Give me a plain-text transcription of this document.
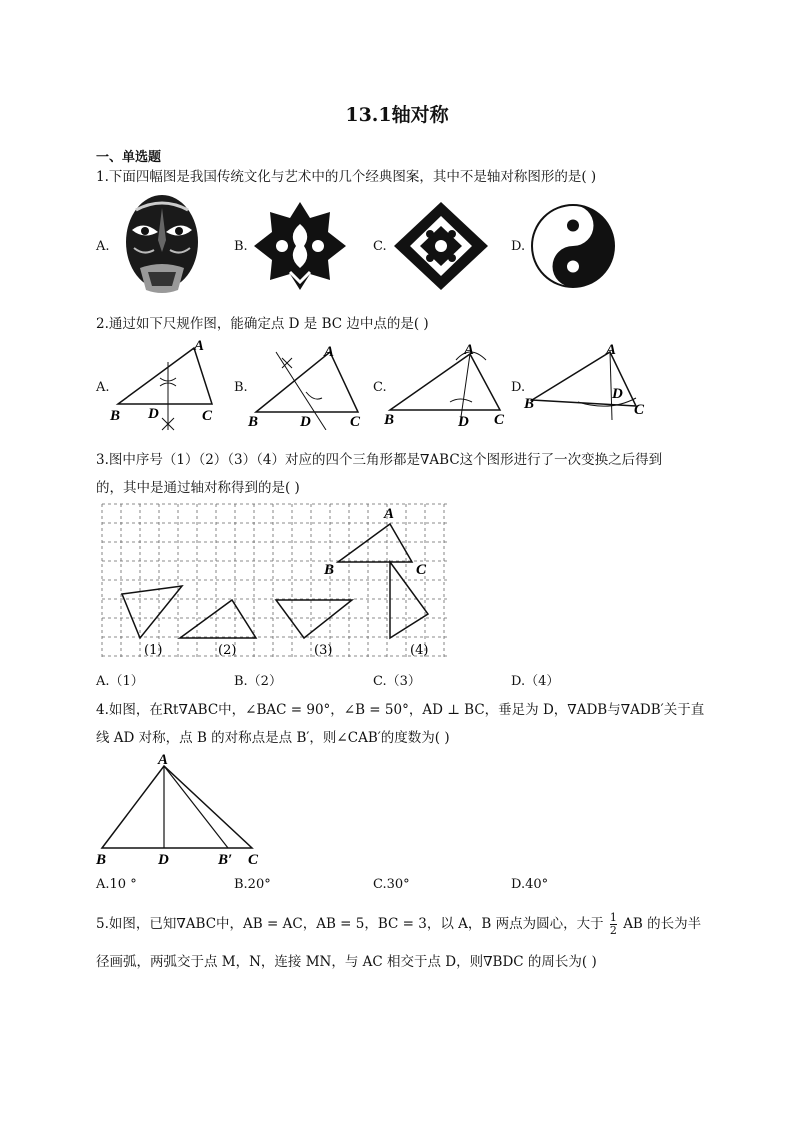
13.1轴对称
一、单选题
1.下面四幅图是我国传统文化与艺术中的几个经典图案，其中不是轴对称图形的是( )
A.	B.	C.	D.
2.通过如下尺规作图，能确定点 D 是 BC 边中点的是( )
A.	B.	C.	D.
A
B	C
D
A
B	C
D
A
B	C
D
A
B	C
D
3.图中序号（1）（2）（3）（4）对应的四个三角形都是∇ABC这个图形进行了一次变换之后得到
的，其中是通过轴对称得到的是( )
A
B	C
(1)	(2)	(3)	(4)
A.（1）	B.（2）	C.（3）	D.（4）
4.如图，在Rt∇ABC中，∠BAC = 90°，∠B = 50°，AD ⊥ BC，垂足为 D，∇ADB与∇ADB′关于直
线 AD 对称，点 B 的对称点是点 B′，则∠CAB′的度数为( )
A
B	D	B′ C
A.10 °	B.20°	C.30°	D.40°
5.如图，已知∇ABC中，AB = AC，AB = 5，BC = 3，以 A，B 两点为圆心，大于 $\frac{1}{2}$ AB 的长为半
径画弧，两弧交于点 M，N，连接 MN，与 AC 相交于点 D，则∇BDC 的周长为( )
